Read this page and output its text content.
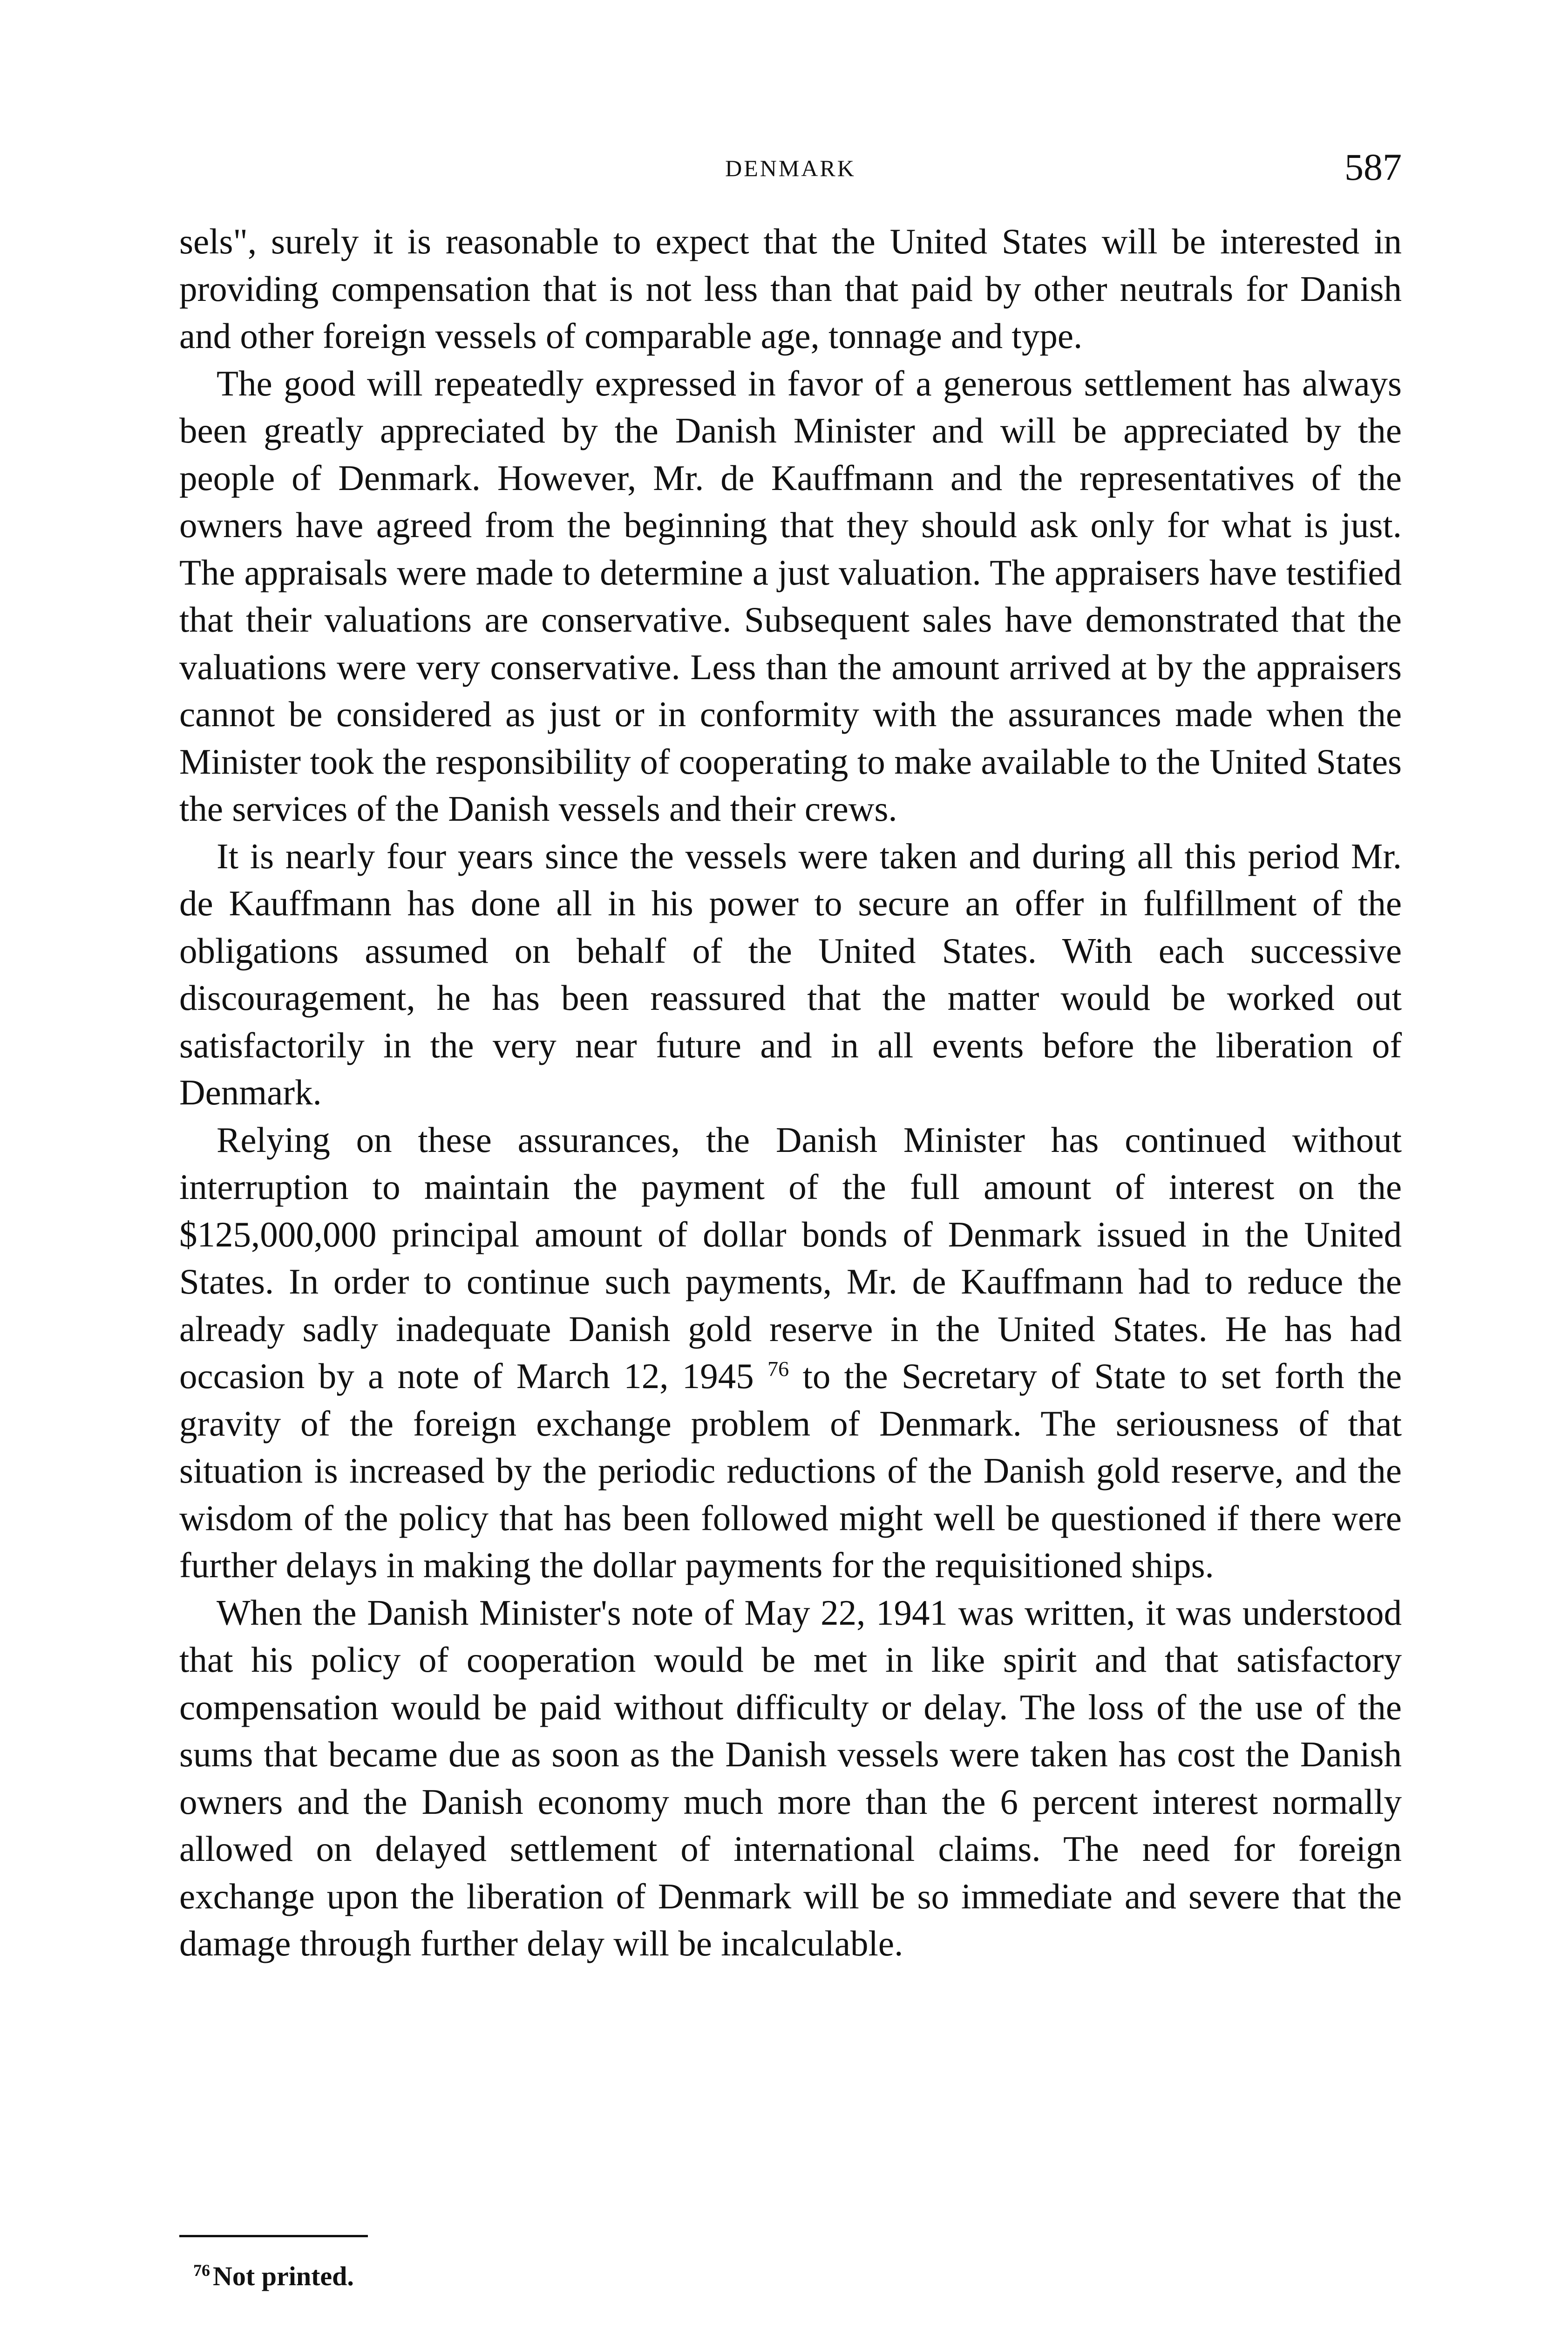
DENMARK	587

sels", surely it is reasonable to expect that the United States will be interested in providing compensation that is not less than that paid by other neutrals for Danish and other foreign vessels of comparable age, tonnage and type.

The good will repeatedly expressed in favor of a generous settlement has always been greatly appreciated by the Danish Minister and will be appreciated by the people of Denmark. However, Mr. de Kauffmann and the representatives of the owners have agreed from the beginning that they should ask only for what is just. The appraisals were made to determine a just valuation. The appraisers have testified that their valuations are conservative. Subsequent sales have demonstrated that the valuations were very conservative. Less than the amount arrived at by the appraisers cannot be considered as just or in conformity with the assurances made when the Minister took the responsibility of cooperating to make available to the United States the services of the Danish vessels and their crews.

It is nearly four years since the vessels were taken and during all this period Mr. de Kauffmann has done all in his power to secure an offer in fulfillment of the obligations assumed on behalf of the United States. With each successive discouragement, he has been reassured that the matter would be worked out satisfactorily in the very near future and in all events before the liberation of Denmark.

Relying on these assurances, the Danish Minister has continued without interruption to maintain the payment of the full amount of interest on the $125,000,000 principal amount of dollar bonds of Denmark issued in the United States. In order to continue such payments, Mr. de Kauffmann had to reduce the already sadly inadequate Danish gold reserve in the United States. He has had occasion by a note of March 12, 1945 $^{76}$ to the Secretary of State to set forth the gravity of the foreign exchange problem of Denmark. The seriousness of that situation is increased by the periodic reductions of the Danish gold reserve, and the wisdom of the policy that has been followed might well be questioned if there were further delays in making the dollar payments for the requisitioned ships.

When the Danish Minister's note of May 22, 1941 was written, it was understood that his policy of cooperation would be met in like spirit and that satisfactory compensation would be paid without difficulty or delay. The loss of the use of the sums that became due as soon as the Danish vessels were taken has cost the Danish owners and the Danish economy much more than the 6 percent interest normally allowed on delayed settlement of international claims. The need for foreign exchange upon the liberation of Denmark will be so immediate and severe that the damage through further delay will be incalculable.

$^{76}$ Not printed.
